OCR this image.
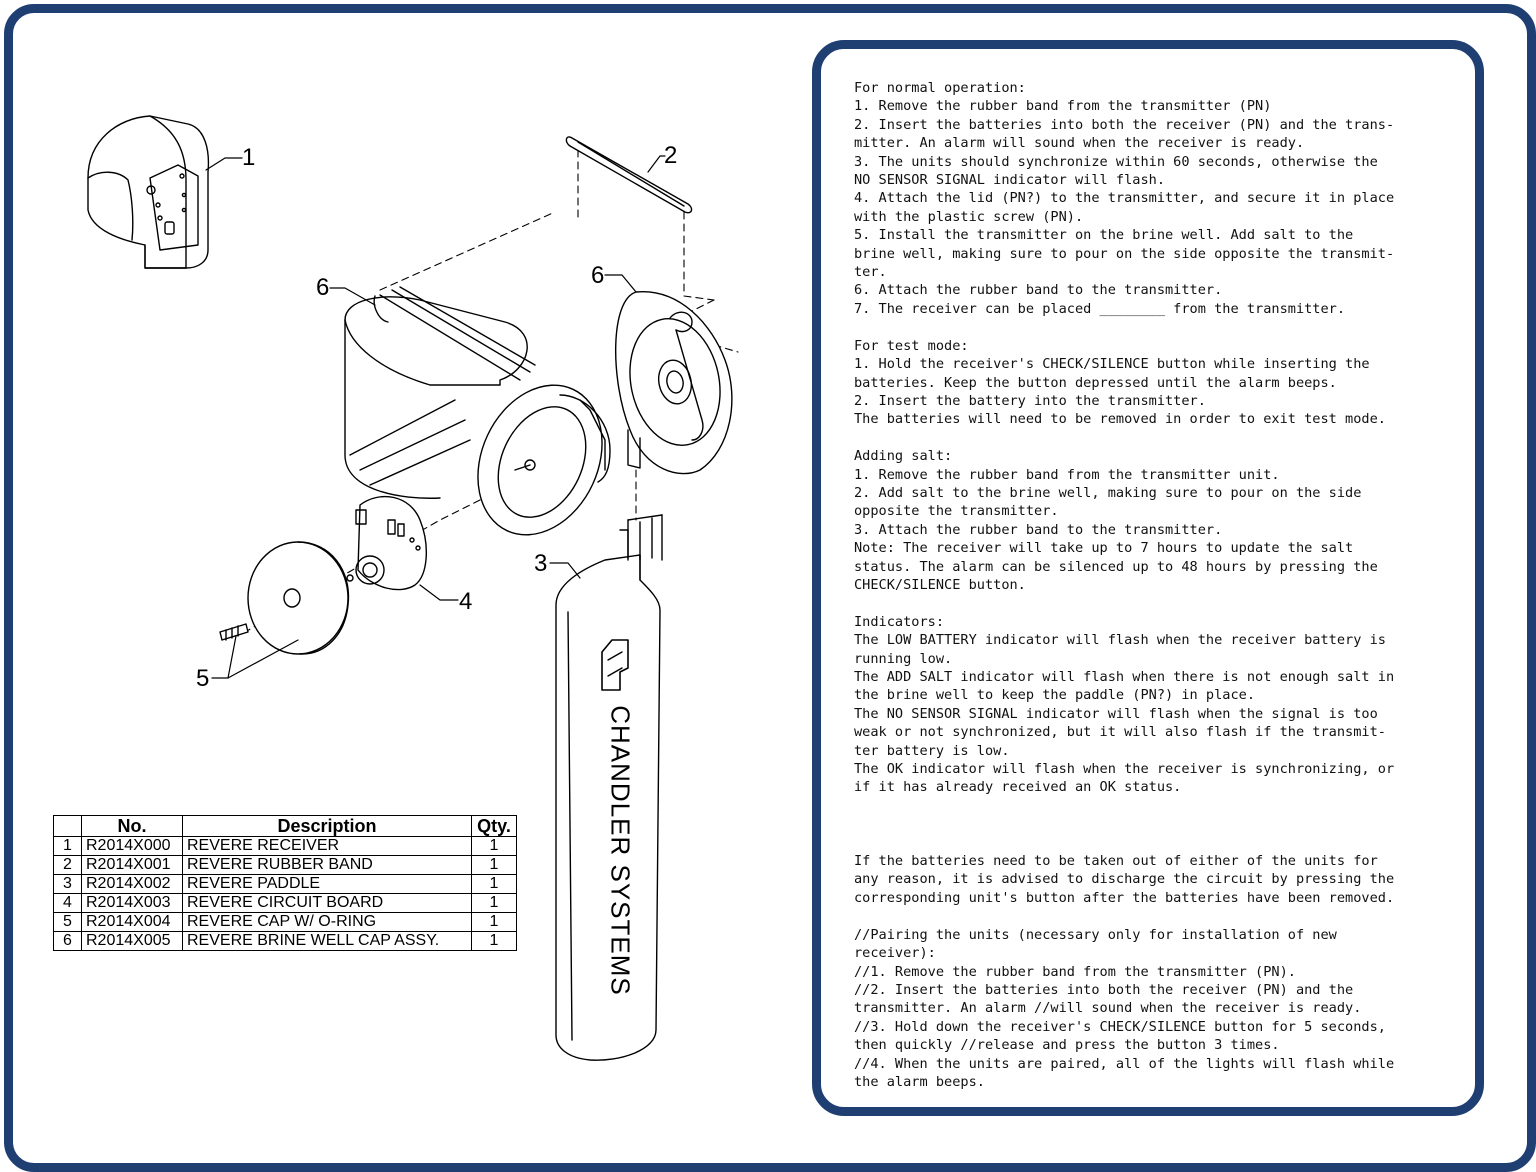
1	2
6	6
3
4
5
CHANDLER SYSTEMS
	No.	Description	Qty.
1	R2014X000	REVERE RECEIVER	1
2	R2014X001	REVERE RUBBER BAND	1
3	R2014X002	REVERE PADDLE	1
4	R2014X003	REVERE CIRCUIT BOARD	1
5	R2014X004	REVERE CAP W/ O-RING	1
6	R2014X005	REVERE BRINE WELL CAP ASSY.	1
For normal operation:
1. Remove the rubber band from the transmitter (PN)
2. Insert the batteries into both the receiver (PN) and the trans-
mitter. An alarm will sound when the receiver is ready.
3. The units should synchronize within 60 seconds, otherwise the
NO SENSOR SIGNAL indicator will flash.
4. Attach the lid (PN?) to the transmitter, and secure it in place
with the plastic screw (PN).
5. Install the transmitter on the brine well. Add salt to the
brine well, making sure to pour on the side opposite the transmit-
ter.
6. Attach the rubber band to the transmitter.
7. The receiver can be placed ________ from the transmitter.

For test mode:
1. Hold the receiver's CHECK/SILENCE button while inserting the
batteries. Keep the button depressed until the alarm beeps.
2. Insert the battery into the transmitter.
The batteries will need to be removed in order to exit test mode.

Adding salt:
1. Remove the rubber band from the transmitter unit.
2. Add salt to the brine well, making sure to pour on the side
opposite the transmitter.
3. Attach the rubber band to the transmitter.
Note: The receiver will take up to 7 hours to update the salt
status. The alarm can be silenced up to 48 hours by pressing the
CHECK/SILENCE button.

Indicators:
The LOW BATTERY indicator will flash when the receiver battery is
running low.
The ADD SALT indicator will flash when there is not enough salt in
the brine well to keep the paddle (PN?) in place.
The NO SENSOR SIGNAL indicator will flash when the signal is too
weak or not synchronized, but it will also flash if the transmit-
ter battery is low.
The OK indicator will flash when the receiver is synchronizing, or
if it has already received an OK status.

If the batteries need to be taken out of either of the units for
any reason, it is advised to discharge the circuit by pressing the
corresponding unit's button after the batteries have been removed.

//Pairing the units (necessary only for installation of new
receiver):
//1. Remove the rubber band from the transmitter (PN).
//2. Insert the batteries into both the receiver (PN) and the
transmitter. An alarm //will sound when the receiver is ready.
//3. Hold down the receiver's CHECK/SILENCE button for 5 seconds,
then quickly //release and press the button 3 times.
//4. When the units are paired, all of the lights will flash while
the alarm beeps.
